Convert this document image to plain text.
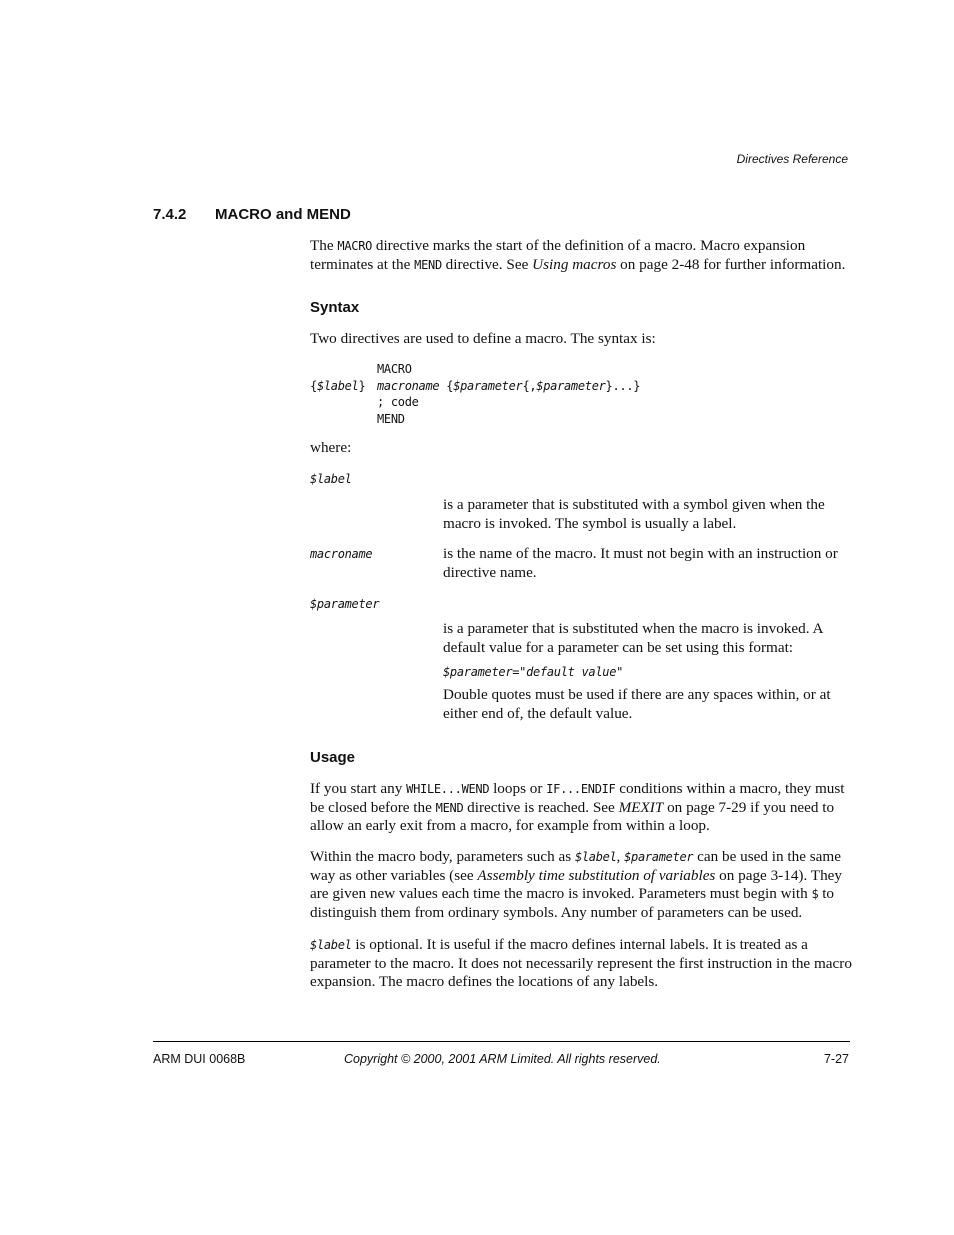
Directives Reference
7.4.2 MACRO and MEND

The MACRO directive marks the start of the definition of a macro. Macro expansion terminates at the MEND directive. See Using macros on page 2-48 for further information.

Syntax

Two directives are used to define a macro. The syntax is:

MACRO
{$label} macroname {$parameter{,$parameter}...}
; code
MEND

where:

$label

is a parameter that is substituted with a symbol given when the macro is invoked. The symbol is usually a label.

macroname	is the name of the macro. It must not begin with an instruction or directive name.

$parameter

is a parameter that is substituted when the macro is invoked. A default value for a parameter can be set using this format:

$parameter="default value"

Double quotes must be used if there are any spaces within, or at either end of, the default value.

Usage

If you start any WHILE...WEND loops or IF...ENDIF conditions within a macro, they must be closed before the MEND directive is reached. See MEXIT on page 7-29 if you need to allow an early exit from a macro, for example from within a loop.

Within the macro body, parameters such as $label, $parameter can be used in the same way as other variables (see Assembly time substitution of variables on page 3-14). They are given new values each time the macro is invoked. Parameters must begin with $ to distinguish them from ordinary symbols. Any number of parameters can be used.

$label is optional. It is useful if the macro defines internal labels. It is treated as a parameter to the macro. It does not necessarily represent the first instruction in the macro expansion. The macro defines the locations of any labels.

ARM DUI 0068B	Copyright © 2000, 2001 ARM Limited. All rights reserved.	7-27
